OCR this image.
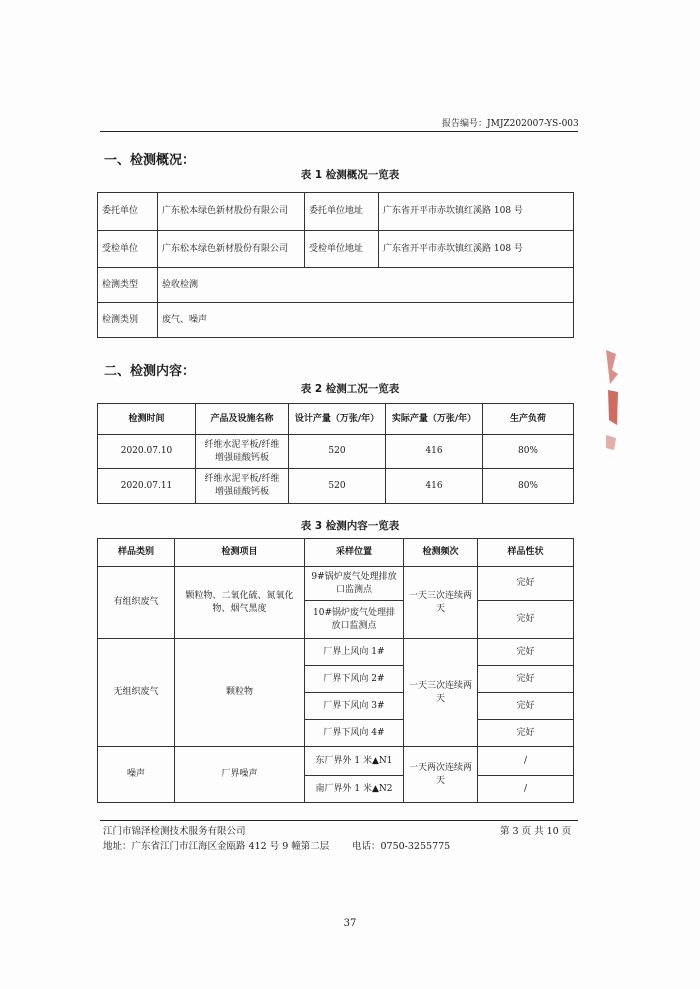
报告编号：JMJZ202007-YS-003
一、检测概况：
表 1 检测概况一览表
委托单位	广东松本绿色新材股份有限公司	委托单位地址	广东省开平市赤坎镇红溪路 108 号
受检单位	广东松本绿色新材股份有限公司	受检单位地址	广东省开平市赤坎镇红溪路 108 号
检测类型	验收检测		
检测类别	废气、噪声		
二、检测内容：
表 2 检测工况一览表
检测时间	产品及设施名称	设计产量（万张/年）	实际产量（万张/年）	生产负荷
2020.07.10	纤维水泥平板/纤维增强硅酸钙板	520	416	80%
2020.07.11	纤维水泥平板/纤维增强硅酸钙板	520	416	80%
表 3 检测内容一览表
样品类别	检测项目	采样位置	检测频次	样品性状
有组织废气	颗粒物、二氧化硫、氮氧化物、烟气黑度	9#锅炉废气处理排放口监测点	一天三次连续两天	完好
		10#锅炉废气处理排放口监测点		完好
无组织废气	颗粒物	厂界上风向 1#	一天三次连续两天	完好
		厂界下风向 2#		完好
		厂界下风向 3#		完好
		厂界下风向 4#		完好
噪声	厂界噪声	东厂界外 1 米▲N1	一天两次连续两天	/
		南厂界外 1 米▲N2		/
江门市锦泽检测技术服务有限公司	第 3 页 共 10 页
地址：广东省江门市江海区金瓯路 412 号 9 幢第二层 电话：0750-3255775
37
